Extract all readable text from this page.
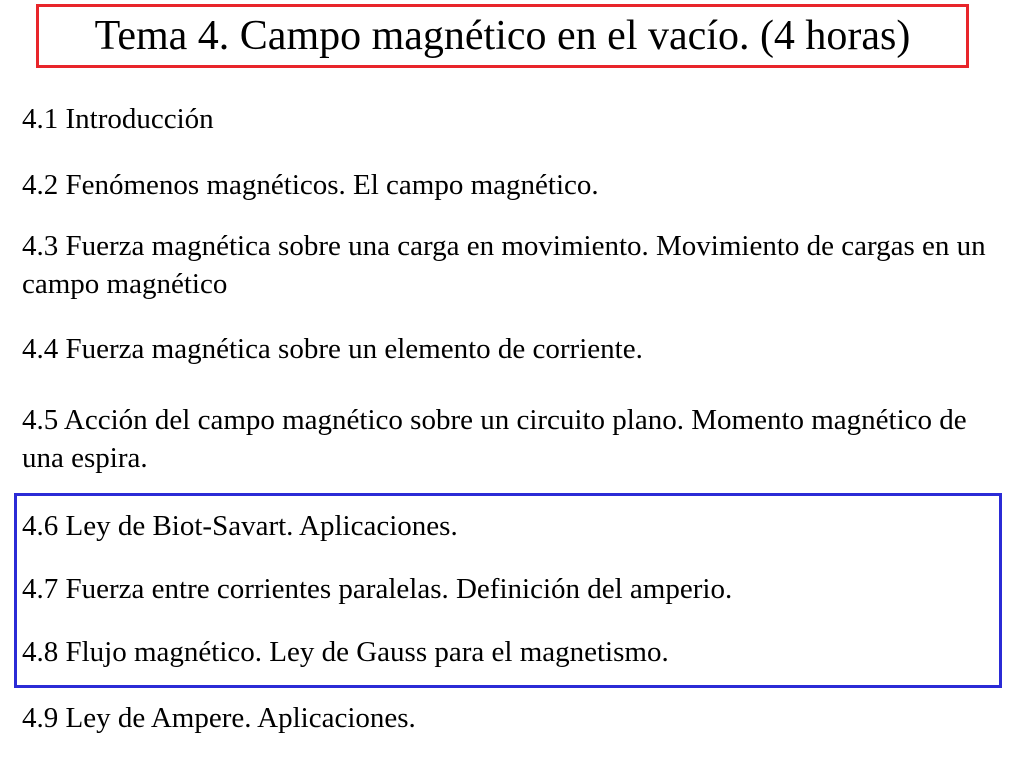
Tema 4. Campo magnético en el vacío. (4 horas)

4.1 Introducción

4.2 Fenómenos magnéticos. El campo magnético.

4.3 Fuerza magnética sobre una carga en movimiento. Movimiento de cargas en un campo magnético

4.4 Fuerza magnética sobre un elemento de corriente.

4.5 Acción del campo magnético sobre un circuito plano. Momento magnético de una espira.

4.6 Ley de Biot-Savart. Aplicaciones.

4.7 Fuerza entre corrientes paralelas. Definición del amperio.

4.8 Flujo magnético. Ley de Gauss para el magnetismo.

4.9 Ley de Ampere. Aplicaciones.
